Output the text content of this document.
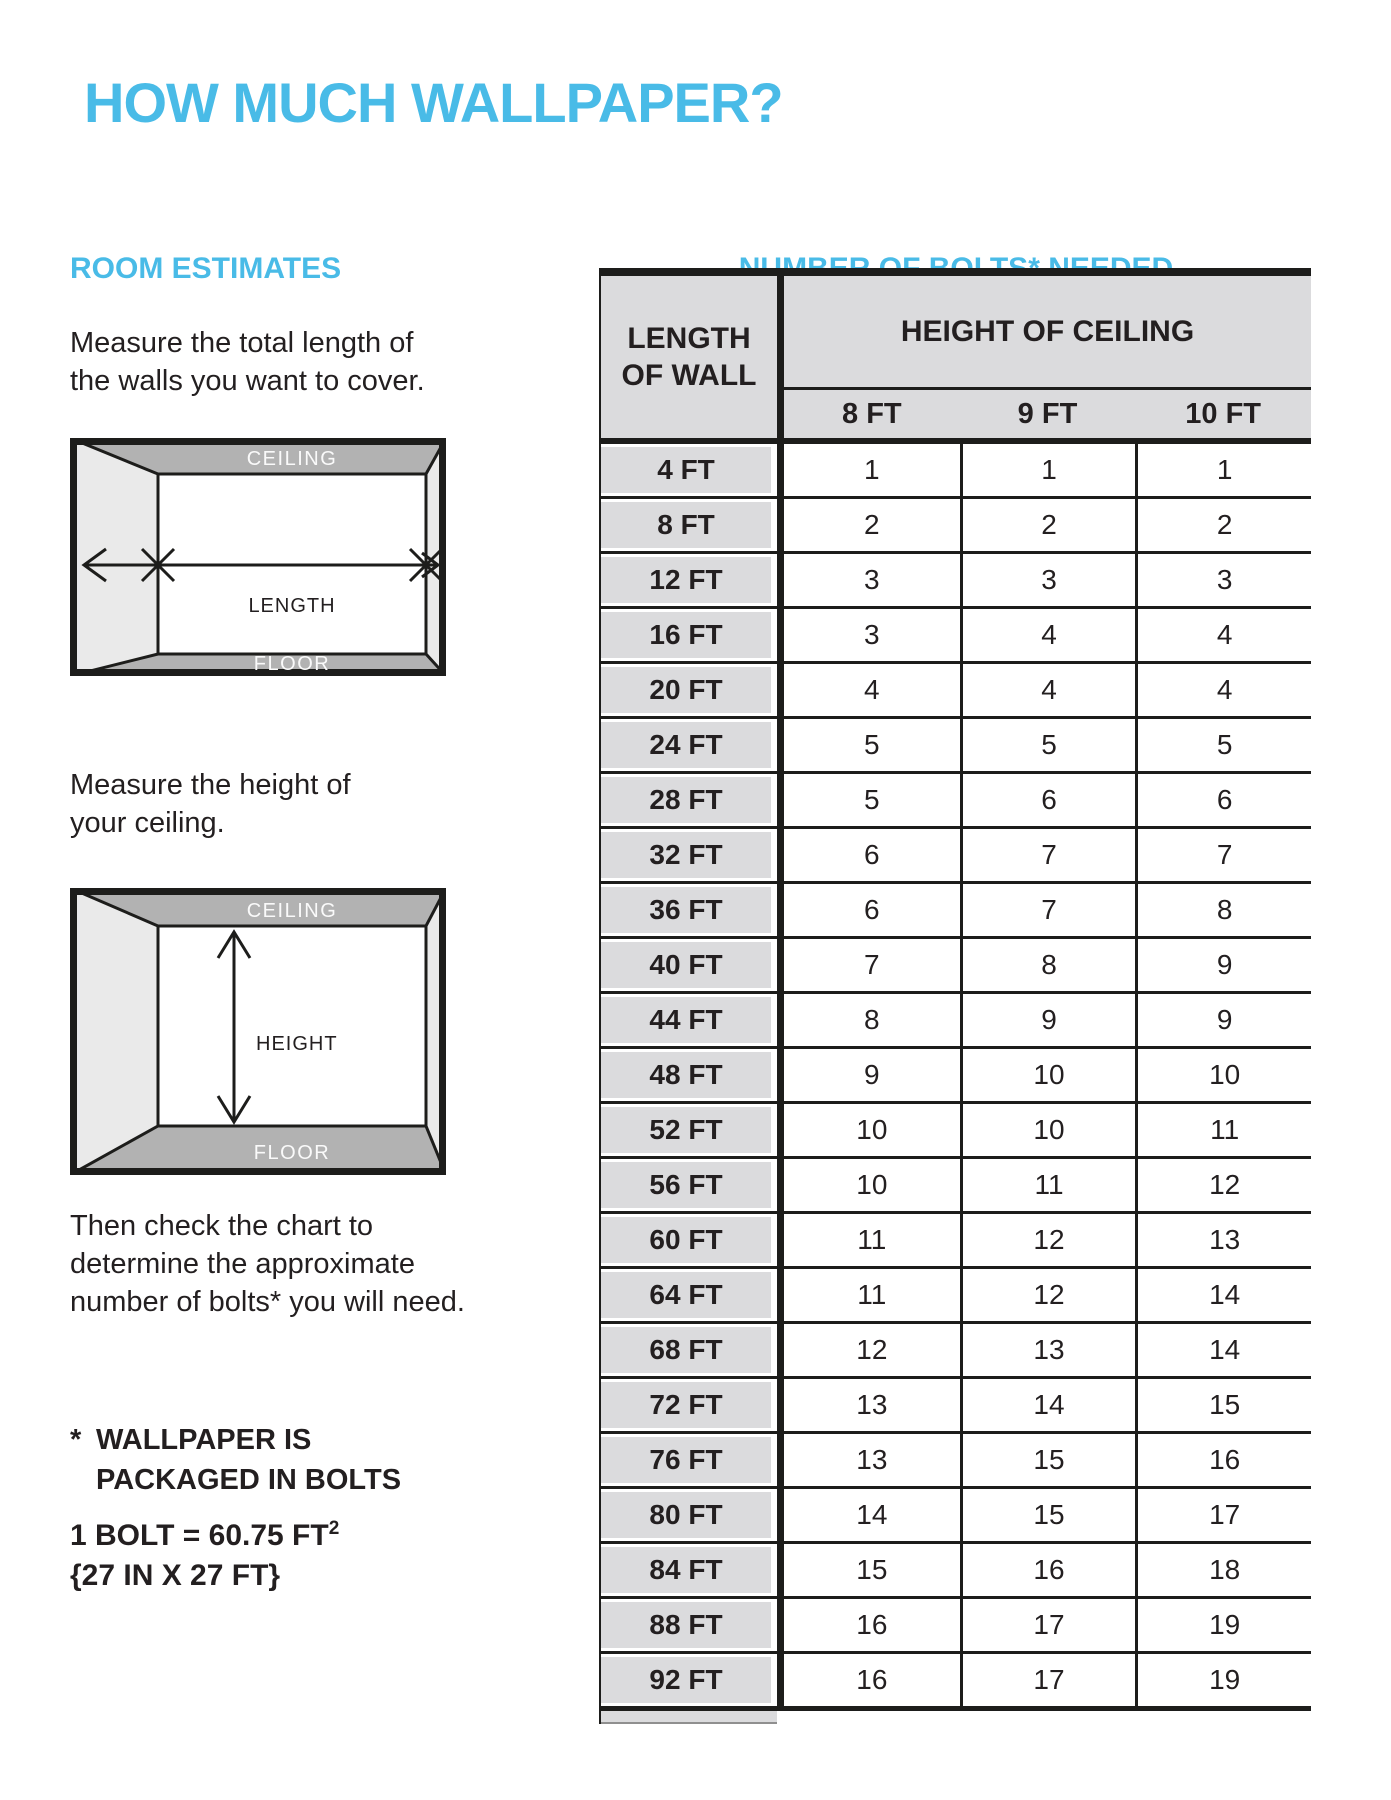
HOW MUCH WALLPAPER?
ROOM ESTIMATES
Measure the total length of
the walls you want to cover.
CEILING
FLOOR
LENGTH
Measure the height of
your ceiling.
CEILING
FLOOR
HEIGHT
Then check the chart to
determine the approximate
number of bolts* you will need.
* WALLPAPER IS
PACKAGED IN BOLTS
1 BOLT = 60.75 $FT^2$
{27 IN X 27 FT}
LENGTH
OF WALL
HEIGHT OF CEILING
8 FT	9 FT	10 FT
4 FT	1	1	1
8 FT	2	2	2
12 FT	3	3	3
16 FT	3	4	4
20 FT	4	4	4
24 FT	5	5	5
28 FT	5	6	6
32 FT	6	7	7
36 FT	6	7	8
40 FT	7	8	9
44 FT	8	9	9
48 FT	9	10	10
52 FT	10	10	11
56 FT	10	11	12
60 FT	11	12	13
64 FT	11	12	14
68 FT	12	13	14
72 FT	13	14	15
76 FT	13	15	16
80 FT	14	15	17
84 FT	15	16	18
88 FT	16	17	19
92 FT	16	17	19
